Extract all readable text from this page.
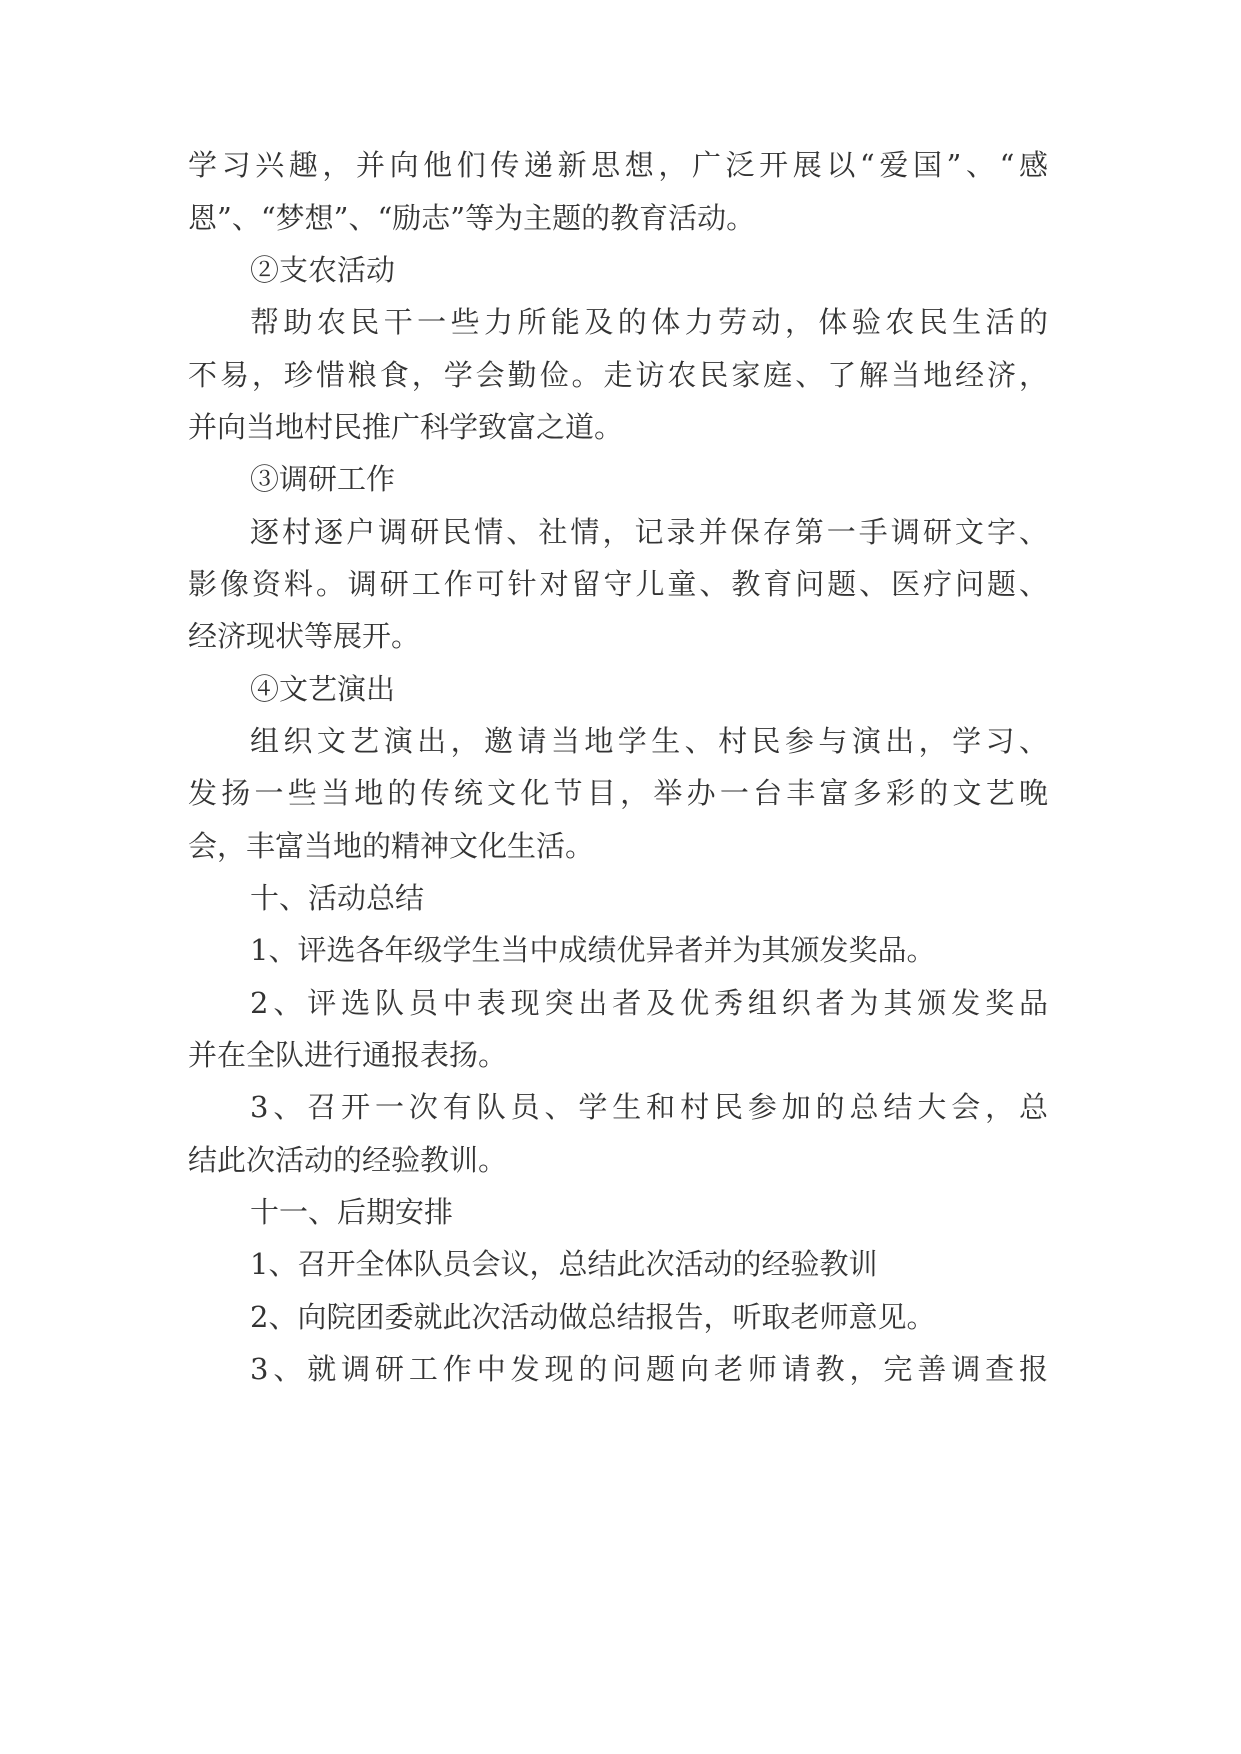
学习兴趣，并向他们传递新思想，广泛开展以“爱国”、“感
恩”、“梦想”、“励志”等为主题的教育活动。
②支农活动
帮助农民干一些力所能及的体力劳动，体验农民生活的
不易，珍惜粮食，学会勤俭。走访农民家庭、了解当地经济，
并向当地村民推广科学致富之道。
③调研工作
逐村逐户调研民情、社情，记录并保存第一手调研文字、
影像资料。调研工作可针对留守儿童、教育问题、医疗问题、
经济现状等展开。
④文艺演出
组织文艺演出，邀请当地学生、村民参与演出，学习、
发扬一些当地的传统文化节目，举办一台丰富多彩的文艺晚
会，丰富当地的精神文化生活。
十、活动总结
1、评选各年级学生当中成绩优异者并为其颁发奖品。
2、评选队员中表现突出者及优秀组织者为其颁发奖品
并在全队进行通报表扬。
3、召开一次有队员、学生和村民参加的总结大会，总
结此次活动的经验教训。
十一、后期安排
1、召开全体队员会议，总结此次活动的经验教训
2、向院团委就此次活动做总结报告，听取老师意见。
3、就调研工作中发现的问题向老师请教，完善调查报
